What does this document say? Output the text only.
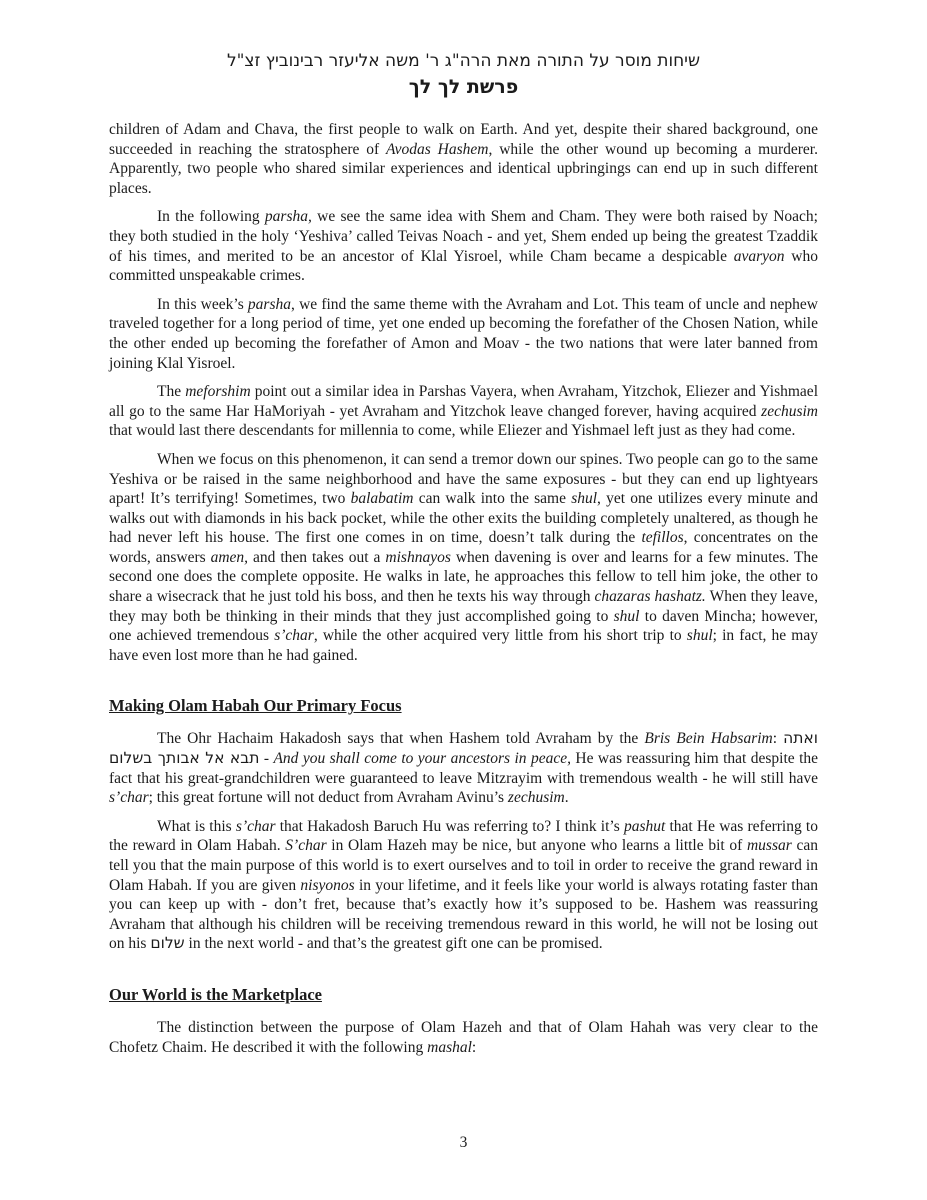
שיחות מוסר על התורה מאת הרה"ג ר' משה אליעזר רבינוביץ זצ"ל
פרשת לך לך

children of Adam and Chava, the first people to walk on Earth. And yet, despite their shared background, one succeeded in reaching the stratosphere of Avodas Hashem, while the other wound up becoming a murderer. Apparently, two people who shared similar experiences and identical upbringings can end up in such different places.

In the following parsha, we see the same idea with Shem and Cham. They were both raised by Noach; they both studied in the holy ‘Yeshiva’ called Teivas Noach - and yet, Shem ended up being the greatest Tzaddik of his times, and merited to be an ancestor of Klal Yisroel, while Cham became a despicable avaryon who committed unspeakable crimes.

In this week’s parsha, we find the same theme with the Avraham and Lot. This team of uncle and nephew traveled together for a long period of time, yet one ended up becoming the forefather of the Chosen Nation, while the other ended up becoming the forefather of Amon and Moav - the two nations that were later banned from joining Klal Yisroel.

The meforshim point out a similar idea in Parshas Vayera, when Avraham, Yitzchok, Eliezer and Yishmael all go to the same Har HaMoriyah - yet Avraham and Yitzchok leave changed forever, having acquired zechusim that would last there descendants for millennia to come, while Eliezer and Yishmael left just as they had come.

When we focus on this phenomenon, it can send a tremor down our spines. Two people can go to the same Yeshiva or be raised in the same neighborhood and have the same exposures - but they can end up lightyears apart! It’s terrifying! Sometimes, two balabatim can walk into the same shul, yet one utilizes every minute and walks out with diamonds in his back pocket, while the other exits the building completely unaltered, as though he had never left his house. The first one comes in on time, doesn’t talk during the tefillos, concentrates on the words, answers amen, and then takes out a mishnayos when davening is over and learns for a few minutes. The second one does the complete opposite. He walks in late, he approaches this fellow to tell him joke, the other to share a wisecrack that he just told his boss, and then he texts his way through chazaras hashatz. When they leave, they may both be thinking in their minds that they just accomplished going to shul to daven Mincha; however, one achieved tremendous s’char, while the other acquired very little from his short trip to shul; in fact, he may have even lost more than he had gained.

Making Olam Habah Our Primary Focus

The Ohr Hachaim Hakadosh says that when Hashem told Avraham by the Bris Bein Habsarim: ואתה תבא אל אבותך בשלום - And you shall come to your ancestors in peace, He was reassuring him that despite the fact that his great-grandchildren were guaranteed to leave Mitzrayim with tremendous wealth - he will still have s’char; this great fortune will not deduct from Avraham Avinu’s zechusim.

What is this s’char that Hakadosh Baruch Hu was referring to? I think it’s pashut that He was referring to the reward in Olam Habah. S’char in Olam Hazeh may be nice, but anyone who learns a little bit of mussar can tell you that the main purpose of this world is to exert ourselves and to toil in order to receive the grand reward in Olam Habah. If you are given nisyonos in your lifetime, and it feels like your world is always rotating faster than you can keep up with - don’t fret, because that’s exactly how it’s supposed to be. Hashem was reassuring Avraham that although his children will be receiving tremendous reward in this world, he will not be losing out on his שלום in the next world - and that’s the greatest gift one can be promised.

Our World is the Marketplace

The distinction between the purpose of Olam Hazeh and that of Olam Hahah was very clear to the Chofetz Chaim. He described it with the following mashal:

3
